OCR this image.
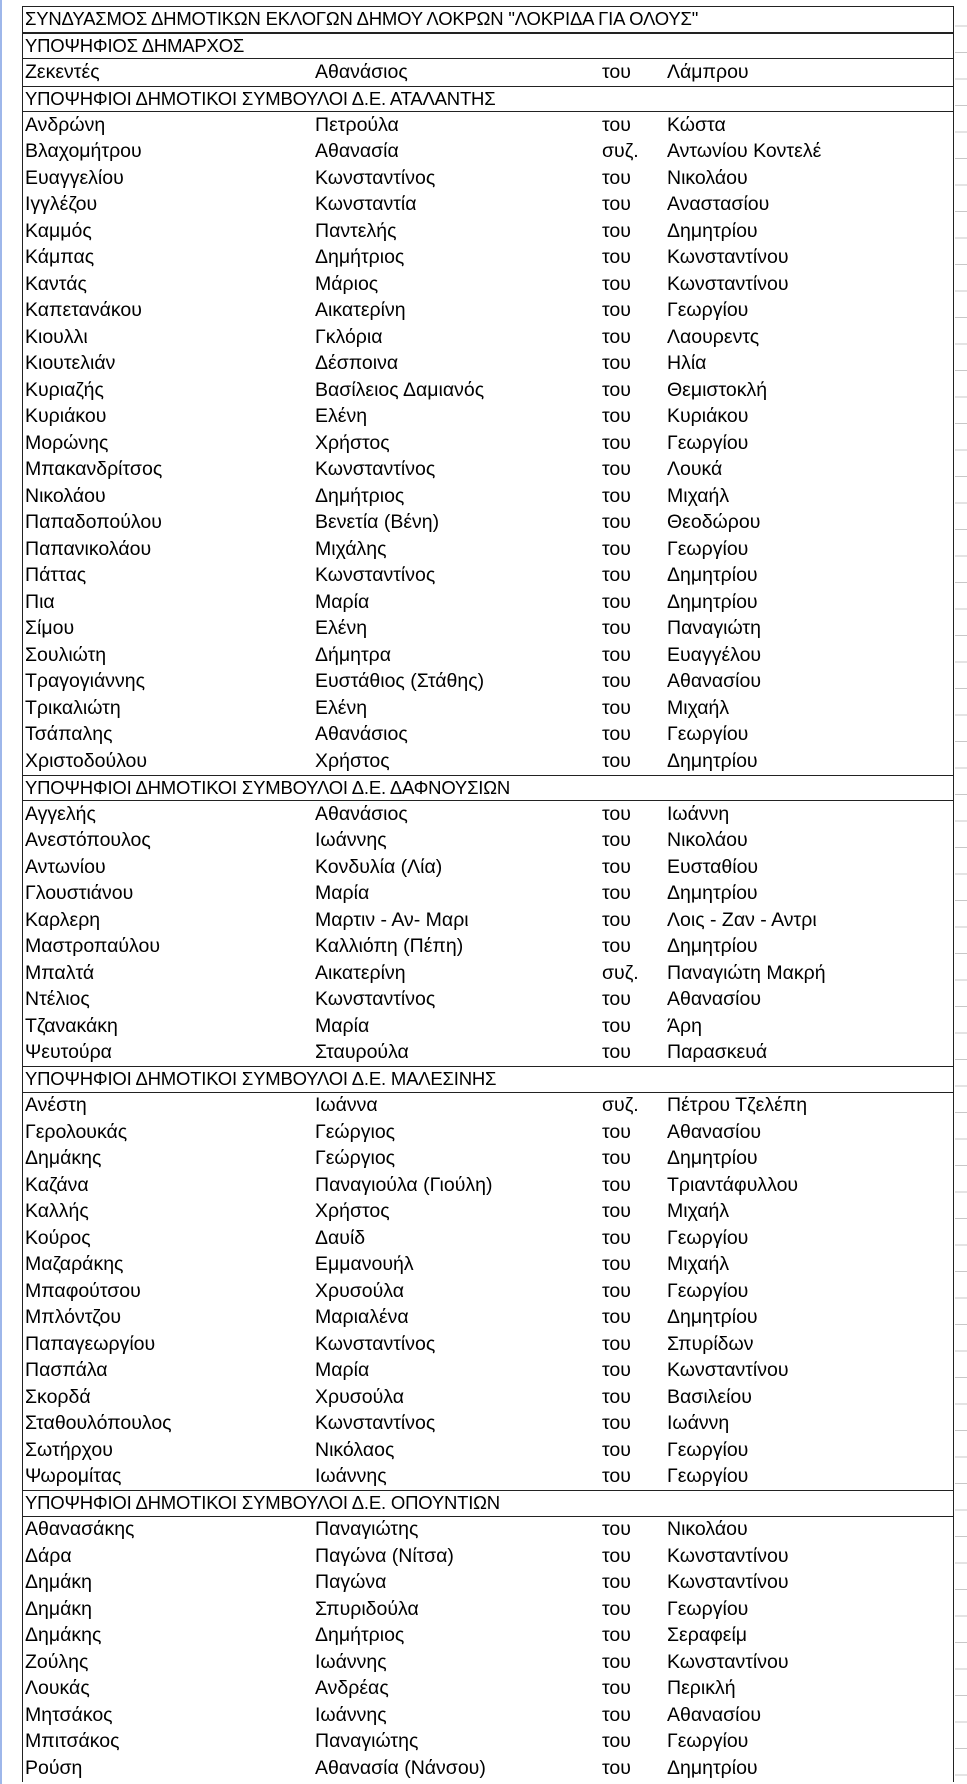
ΣΥΝΔΥΑΣΜΟΣ ΔΗΜΟΤΙΚΩΝ ΕΚΛΟΓΩΝ ΔΗΜΟΥ ΛΟΚΡΩΝ "ΛΟΚΡΙΔΑ ΓΙΑ ΟΛΟΥΣ"
ΥΠΟΨΗΦΙΟΣ ΔΗΜΑΡΧΟΣ
Ζεκεντές	Αθανάσιος	του	Λάμπρου
ΥΠΟΨΗΦΙΟΙ ΔΗΜΟΤΙΚΟΙ ΣΥΜΒΟΥΛΟΙ Δ.Ε. ΑΤΑΛΑΝΤΗΣ
Ανδρώνη	Πετρούλα	του	Κώστα
Βλαχομήτρου	Αθανασία	συζ.	Αντωνίου Κοντελέ
Ευαγγελίου	Κωνσταντίνος	του	Νικολάου
Ιγγλέζου	Κωνσταντία	του	Αναστασίου
Καμμός	Παντελής	του	Δημητρίου
Κάμπας	Δημήτριος	του	Κωνσταντίνου
Καντάς	Μάριος	του	Κωνσταντίνου
Καπετανάκου	Αικατερίνη	του	Γεωργίου
Κιουλλι	Γκλόρια	του	Λαουρεντς
Κιουτελιάν	Δέσποινα	του	Ηλία
Κυριαζής	Βασίλειος Δαμιανός	του	Θεμιστοκλή
Κυριάκου	Ελένη	του	Κυριάκου
Μορώνης	Χρήστος	του	Γεωργίου
Μπακανδρίτσος	Κωνσταντίνος	του	Λουκά
Νικολάου	Δημήτριος	του	Μιχαήλ
Παπαδοπούλου	Βενετία (Βένη)	του	Θεοδώρου
Παπανικολάου	Μιχάλης	του	Γεωργίου
Πάττας	Κωνσταντίνος	του	Δημητρίου
Πια	Μαρία	του	Δημητρίου
Σίμου	Ελένη	του	Παναγιώτη
Σουλιώτη	Δήμητρα	του	Ευαγγέλου
Τραγογιάννης	Ευστάθιος (Στάθης)	του	Αθανασίου
Τρικαλιώτη	Ελένη	του	Μιχαήλ
Τσάπαλης	Αθανάσιος	του	Γεωργίου
Χριστοδούλου	Χρήστος	του	Δημητρίου
ΥΠΟΨΗΦΙΟΙ ΔΗΜΟΤΙΚΟΙ ΣΥΜΒΟΥΛΟΙ Δ.Ε. ΔΑΦΝΟΥΣΙΩΝ
Αγγελής	Αθανάσιος	του	Ιωάννη
Ανεστόπουλος	Ιωάννης	του	Νικολάου
Αντωνίου	Κονδυλία (Λία)	του	Ευσταθίου
Γλουστιάνου	Μαρία	του	Δημητρίου
Καρλερη	Μαρτιν - Αν- Μαρι	του	Λοις - Ζαν - Αντρι
Μαστροπαύλου	Καλλιόπη (Πέπη)	του	Δημητρίου
Μπαλτά	Αικατερίνη	συζ.	Παναγιώτη Μακρή
Ντέλιος	Κωνσταντίνος	του	Αθανασίου
Τζανακάκη	Μαρία	του	Άρη
Ψευτούρα	Σταυρούλα	του	Παρασκευά
ΥΠΟΨΗΦΙΟΙ ΔΗΜΟΤΙΚΟΙ ΣΥΜΒΟΥΛΟΙ Δ.Ε. ΜΑΛΕΣΙΝΗΣ
Ανέστη	Ιωάννα	συζ.	Πέτρου Τζελέπη
Γερολουκάς	Γεώργιος	του	Αθανασίου
Δημάκης	Γεώργιος	του	Δημητρίου
Καζάνα	Παναγιούλα (Γιούλη)	του	Τριαντάφυλλου
Καλλής	Χρήστος	του	Μιχαήλ
Κούρος	Δαυίδ	του	Γεωργίου
Μαζαράκης	Εμμανουήλ	του	Μιχαήλ
Μπαφούτσου	Χρυσούλα	του	Γεωργίου
Μπλόντζου	Μαριαλένα	του	Δημητρίου
Παπαγεωργίου	Κωνσταντίνος	του	Σπυρίδων
Πασπάλα	Μαρία	του	Κωνσταντίνου
Σκορδά	Χρυσούλα	του	Βασιλείου
Σταθουλόπουλος	Κωνσταντίνος	του	Ιωάννη
Σωτήρχου	Νικόλαος	του	Γεωργίου
Ψωρομίτας	Ιωάννης	του	Γεωργίου
ΥΠΟΨΗΦΙΟΙ ΔΗΜΟΤΙΚΟΙ ΣΥΜΒΟΥΛΟΙ Δ.Ε. ΟΠΟΥΝΤΙΩΝ
Αθανασάκης	Παναγιώτης	του	Νικολάου
Δάρα	Παγώνα (Νίτσα)	του	Κωνσταντίνου
Δημάκη	Παγώνα	του	Κωνσταντίνου
Δημάκη	Σπυριδούλα	του	Γεωργίου
Δημάκης	Δημήτριος	του	Σεραφείμ
Ζούλης	Ιωάννης	του	Κωνσταντίνου
Λουκάς	Ανδρέας	του	Περικλή
Μητσάκος	Ιωάννης	του	Αθανασίου
Μπιτσάκος	Παναγιώτης	του	Γεωργίου
Ρούση	Αθανασία (Νάνσου)	του	Δημητρίου
